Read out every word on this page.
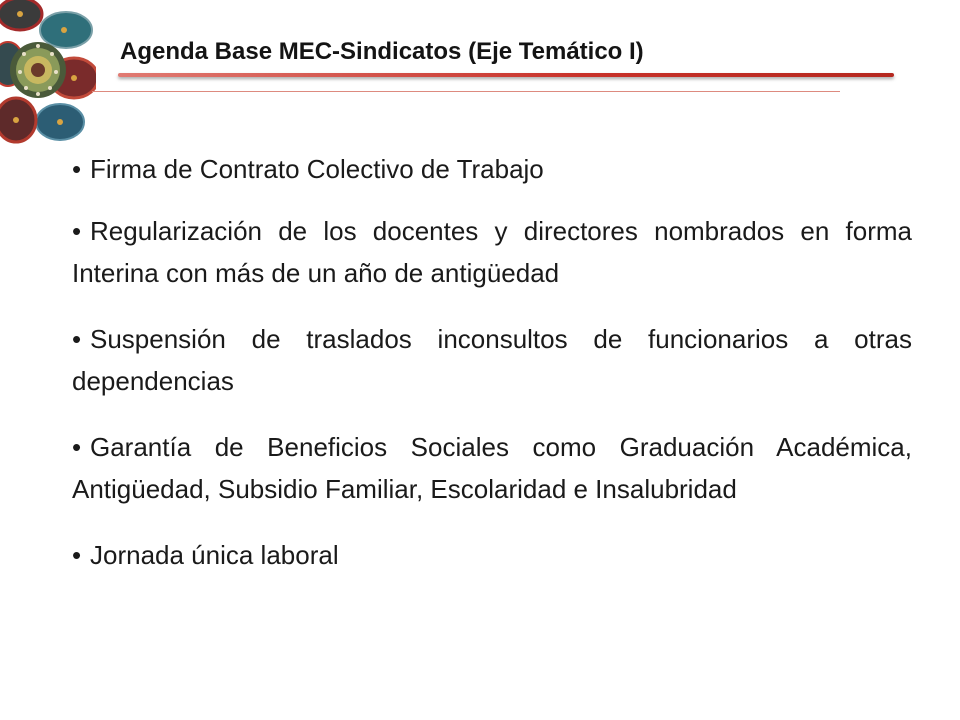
Agenda Base MEC-Sindicatos (Eje Temático I)
• Firma de Contrato Colectivo de Trabajo
• Regularización de los docentes y directores nombrados en forma Interina con más de un año de antigüedad
• Suspensión de traslados inconsultos de funcionarios a otras dependencias
• Garantía de Beneficios Sociales como Graduación Académica, Antigüedad, Subsidio Familiar, Escolaridad e Insalubridad
• Jornada única laboral
